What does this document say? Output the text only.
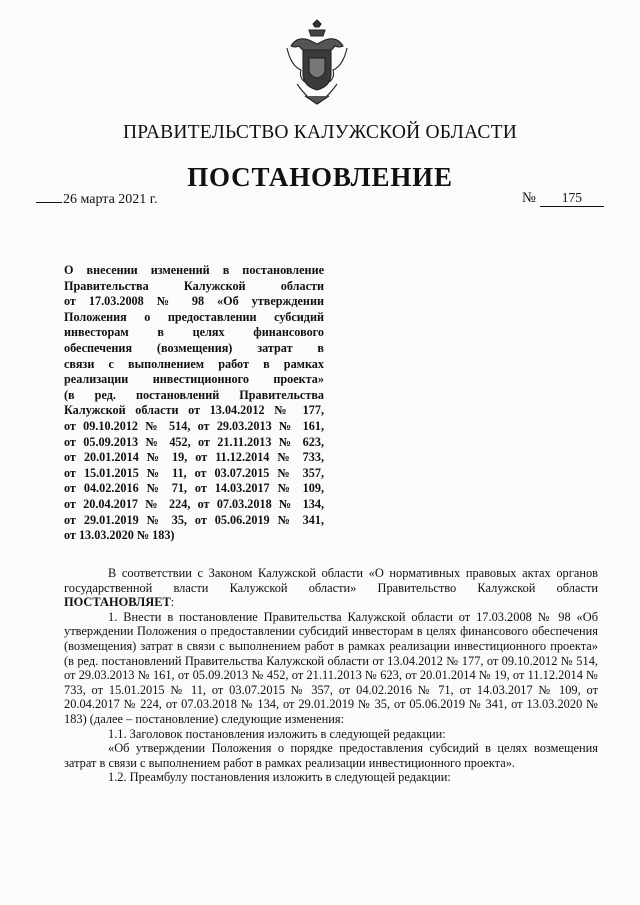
ПРАВИТЕЛЬСТВО КАЛУЖСКОЙ ОБЛАСТИ
ПОСТАНОВЛЕНИЕ
26 марта 2021 г.	№ 175
О внесении изменений в постановление
Правительства Калужской области
от 17.03.2008 № 98 «Об утверждении
Положения о предоставлении субсидий
инвесторам в целях финансового
обеспечения (возмещения) затрат в
связи с выполнением работ в рамках
реализации инвестиционного проекта»
(в ред. постановлений Правительства
Калужской области от 13.04.2012 № 177,
от 09.10.2012 № 514, от 29.03.2013 № 161,
от 05.09.2013 № 452, от 21.11.2013 № 623,
от 20.01.2014 № 19, от 11.12.2014 № 733,
от 15.01.2015 № 11, от 03.07.2015 № 357,
от 04.02.2016 № 71, от 14.03.2017 № 109,
от 20.04.2017 № 224, от 07.03.2018 № 134,
от 29.01.2019 № 35, от 05.06.2019 № 341,
от 13.03.2020 № 183)

В соответствии с Законом Калужской области «О нормативных правовых актах органов государственной власти Калужской области» Правительство Калужской области ПОСТАНОВЛЯЕТ:

1. Внести в постановление Правительства Калужской области от 17.03.2008 № 98 «Об утверждении Положения о предоставлении субсидий инвесторам в целях финансового обеспечения (возмещения) затрат в связи с выполнением работ в рамках реализации инвестиционного проекта» (в ред. постановлений Правительства Калужской области от 13.04.2012 № 177, от 09.10.2012 № 514, от 29.03.2013 № 161, от 05.09.2013 № 452, от 21.11.2013 № 623, от 20.01.2014 № 19, от 11.12.2014 № 733, от 15.01.2015 № 11, от 03.07.2015 № 357, от 04.02.2016 № 71, от 14.03.2017 № 109, от 20.04.2017 № 224, от 07.03.2018 № 134, от 29.01.2019 № 35, от 05.06.2019 № 341, от 13.03.2020 № 183) (далее – постановление) следующие изменения:

1.1. Заголовок постановления изложить в следующей редакции:

«Об утверждении Положения о порядке предоставления субсидий в целях возмещения затрат в связи с выполнением работ в рамках реализации инвестиционного проекта».

1.2. Преамбулу постановления изложить в следующей редакции:
